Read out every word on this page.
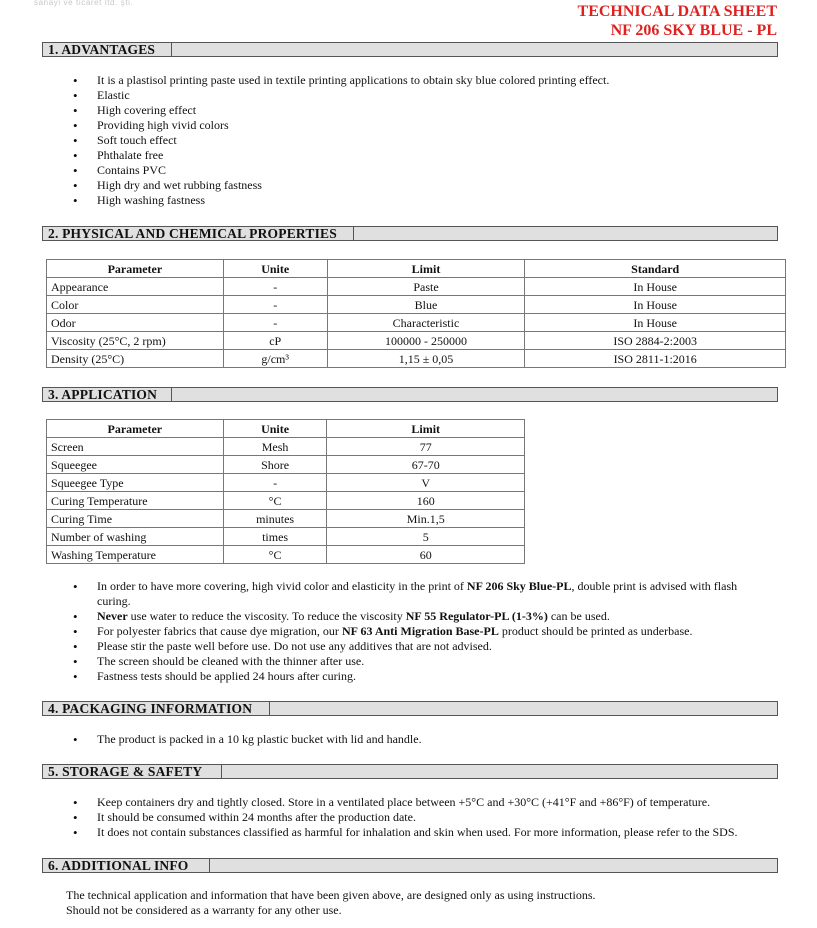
sanayi ve ticaret ltd. şti.
TECHNICAL DATA SHEET
NF 206 SKY BLUE - PL
1. ADVANTAGES
• It is a plastisol printing paste used in textile printing applications to obtain sky blue colored printing effect.
• Elastic
• High covering effect
• Providing high vivid colors
• Soft touch effect
• Phthalate free
• Contains PVC
• High dry and wet rubbing fastness
• High washing fastness
2. PHYSICAL AND CHEMICAL PROPERTIES
Parameter	Unite	Limit	Standard
Appearance	-	Paste	In House
Color	-	Blue	In House
Odor	-	Characteristic	In House
Viscosity (25°C, 2 rpm)	cP	100000 - 250000	ISO 2884-2:2003
Density (25°C)	g/cm³	1,15 ± 0,05	ISO 2811-1:2016
3. APPLICATION
Parameter	Unite	Limit
Screen	Mesh	77
Squeegee	Shore	67-70
Squeegee Type	-	V
Curing Temperature	°C	160
Curing Time	minutes	Min.1,5
Number of washing	times	5
Washing Temperature	°C	60
• In order to have more covering, high vivid color and elasticity in the print of NF 206 Sky Blue-PL, double print is advised with flash curing.
• Never use water to reduce the viscosity. To reduce the viscosity NF 55 Regulator-PL (1-3%) can be used.
• For polyester fabrics that cause dye migration, our NF 63 Anti Migration Base-PL product should be printed as underbase.
• Please stir the paste well before use. Do not use any additives that are not advised.
• The screen should be cleaned with the thinner after use.
• Fastness tests should be applied 24 hours after curing.
4. PACKAGING INFORMATION
• The product is packed in a 10 kg plastic bucket with lid and handle.
5. STORAGE & SAFETY
• Keep containers dry and tightly closed. Store in a ventilated place between +5°C and +30°C (+41°F and +86°F) of temperature.
• It should be consumed within 24 months after the production date.
• It does not contain substances classified as harmful for inhalation and skin when used. For more information, please refer to the SDS.
6. ADDITIONAL INFO
The technical application and information that have been given above, are designed only as using instructions.
Should not be considered as a warranty for any other use.
